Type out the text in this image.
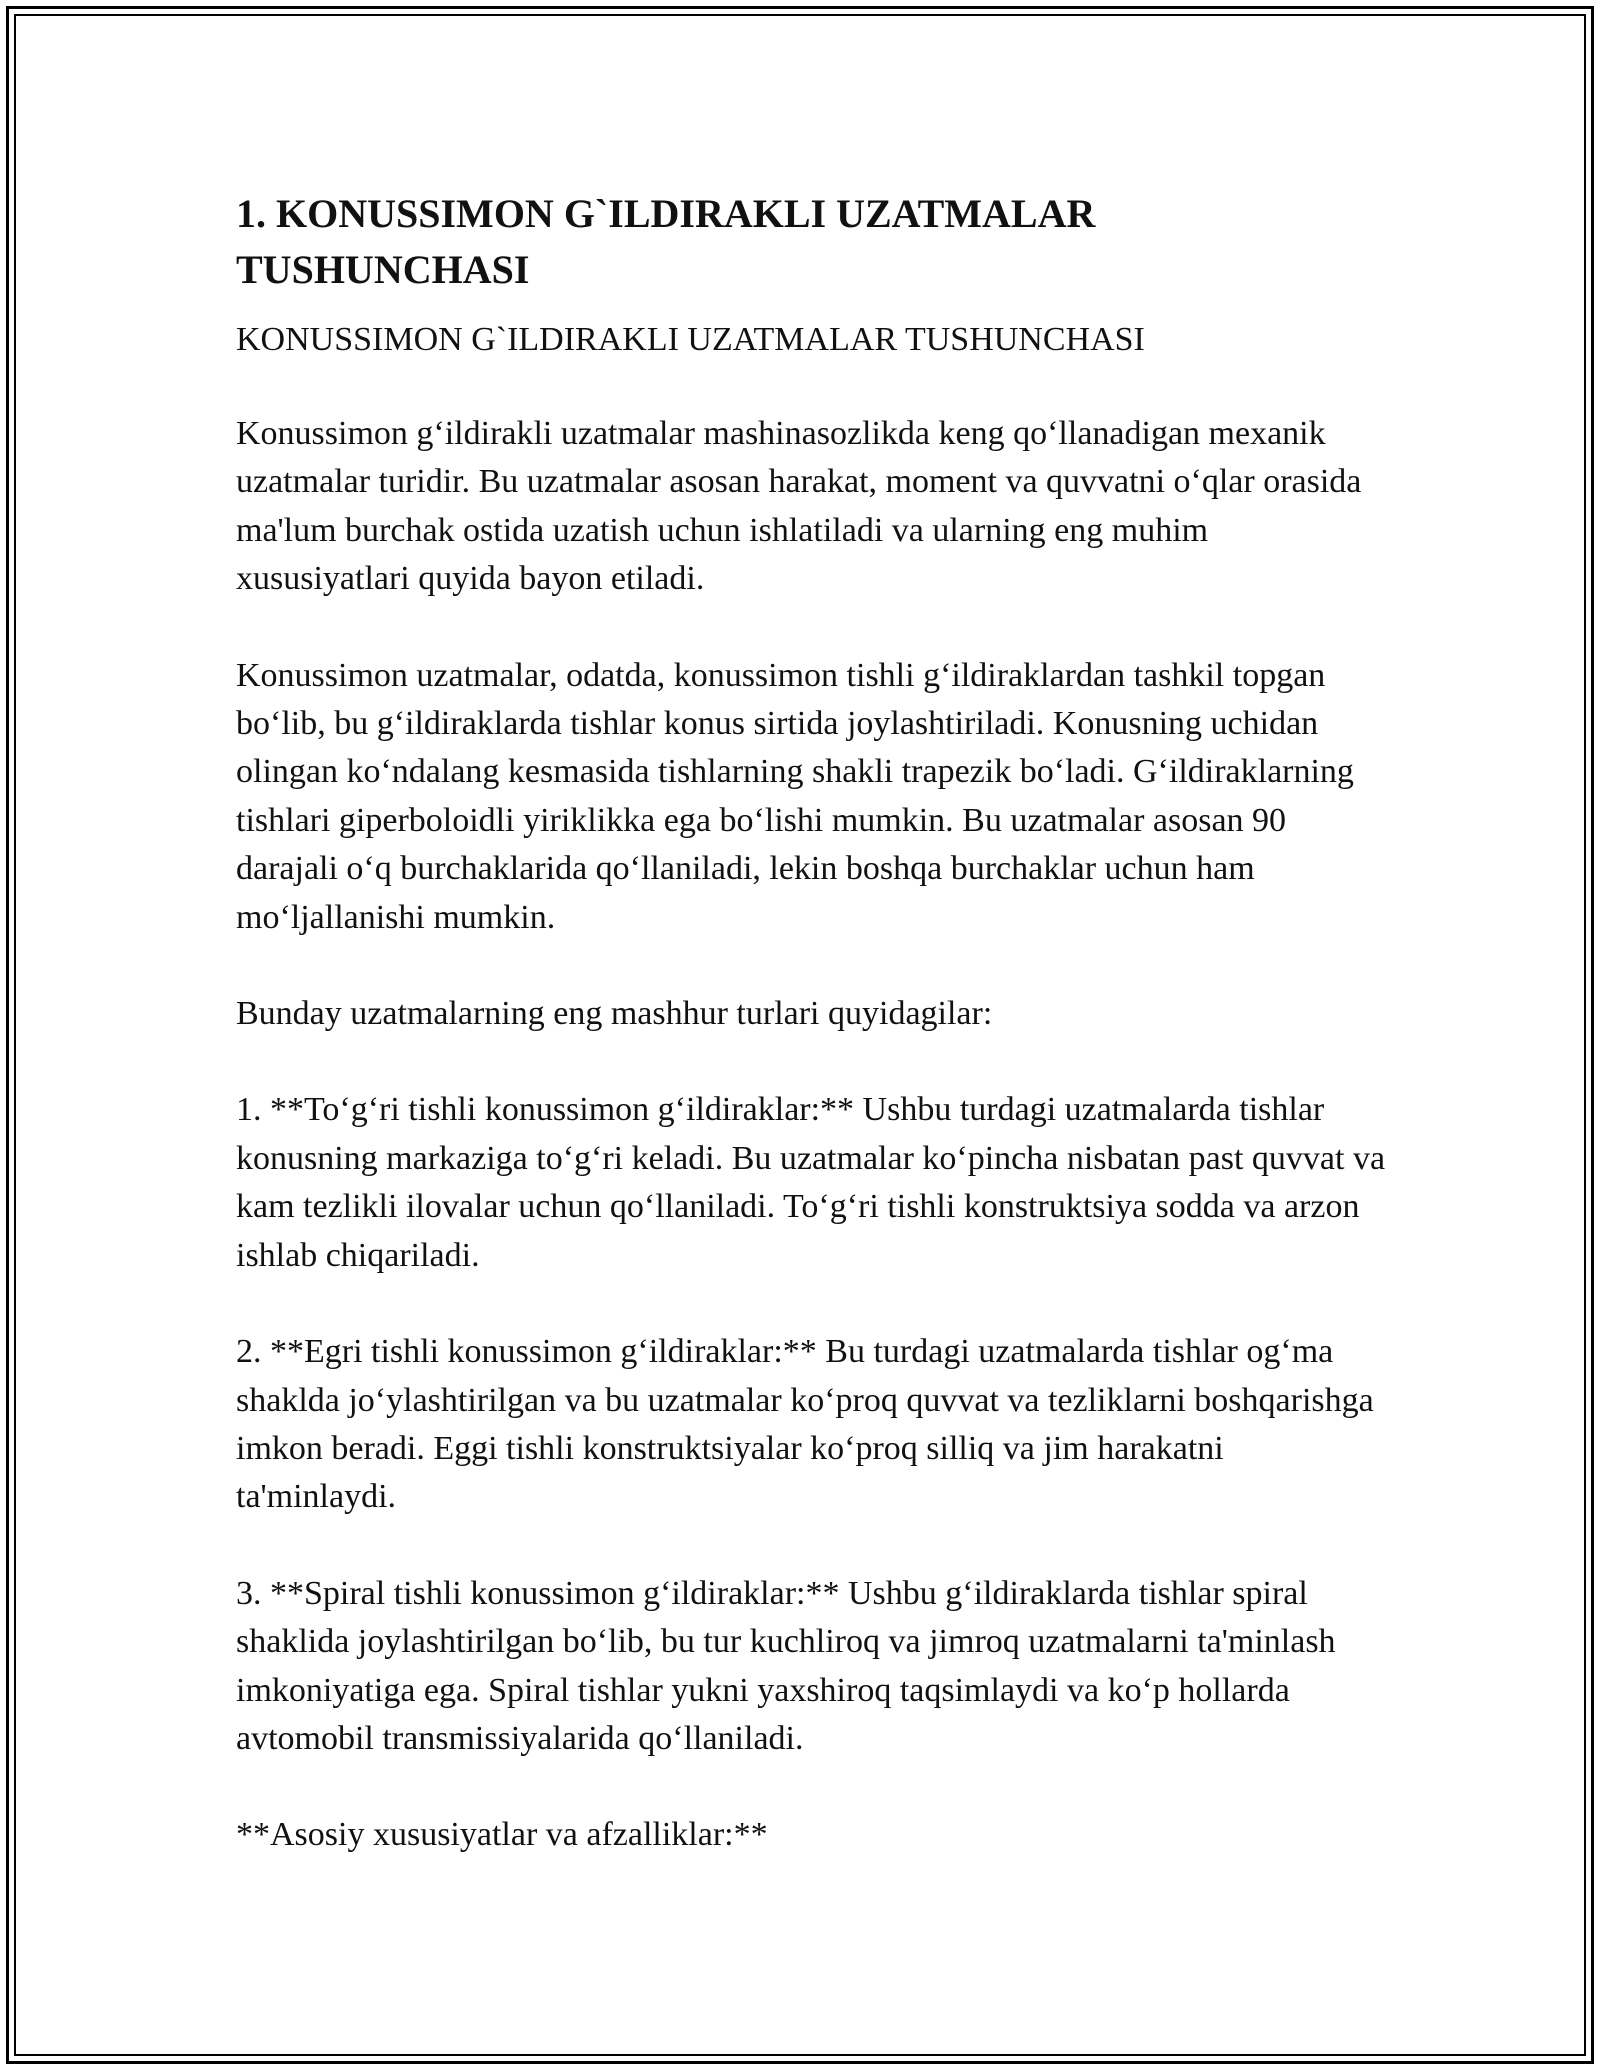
1. KONUSSIMON G`ILDIRAKLI UZATMALAR TUSHUNCHASI
KONUSSIMON G`ILDIRAKLI UZATMALAR TUSHUNCHASI

Konussimon gʻildirakli uzatmalar mashinasozlikda keng qoʻllanadigan mexanik uzatmalar turidir. Bu uzatmalar asosan harakat, moment va quvvatni oʻqlar orasida ma'lum burchak ostida uzatish uchun ishlatiladi va ularning eng muhim xususiyatlari quyida bayon etiladi.

Konussimon uzatmalar, odatda, konussimon tishli gʻildiraklardan tashkil topgan boʻlib, bu gʻildiraklarda tishlar konus sirtida joylashtiriladi. Konusning uchidan olingan koʻndalang kesmasida tishlarning shakli trapezik boʻladi. Gʻildiraklarning tishlari giperboloidli yiriklikka ega boʻlishi mumkin. Bu uzatmalar asosan 90 darajali oʻq burchaklarida qoʻllaniladi, lekin boshqa burchaklar uchun ham moʻljallanishi mumkin.

Bunday uzatmalarning eng mashhur turlari quyidagilar:

1. **Toʻgʻri tishli konussimon gʻildiraklar:** Ushbu turdagi uzatmalarda tishlar konusning markaziga toʻgʻri keladi. Bu uzatmalar koʻpincha nisbatan past quvvat va kam tezlikli ilovalar uchun qoʻllaniladi. Toʻgʻri tishli konstruktsiya sodda va arzon ishlab chiqariladi.

2. **Egri tishli konussimon gʻildiraklar:** Bu turdagi uzatmalarda tishlar ogʻma shaklda joʻylashtirilgan va bu uzatmalar koʻproq quvvat va tezliklarni boshqarishga imkon beradi. Eggi tishli konstruktsiyalar koʻproq silliq va jim harakatni ta'minlaydi.

3. **Spiral tishli konussimon gʻildiraklar:** Ushbu gʻildiraklarda tishlar spiral shaklida joylashtirilgan boʻlib, bu tur kuchliroq va jimroq uzatmalarni ta'minlash imkoniyatiga ega. Spiral tishlar yukni yaxshiroq taqsimlaydi va koʻp hollarda avtomobil transmissiyalarida qoʻllaniladi.

**Asosiy xususiyatlar va afzalliklar:**
